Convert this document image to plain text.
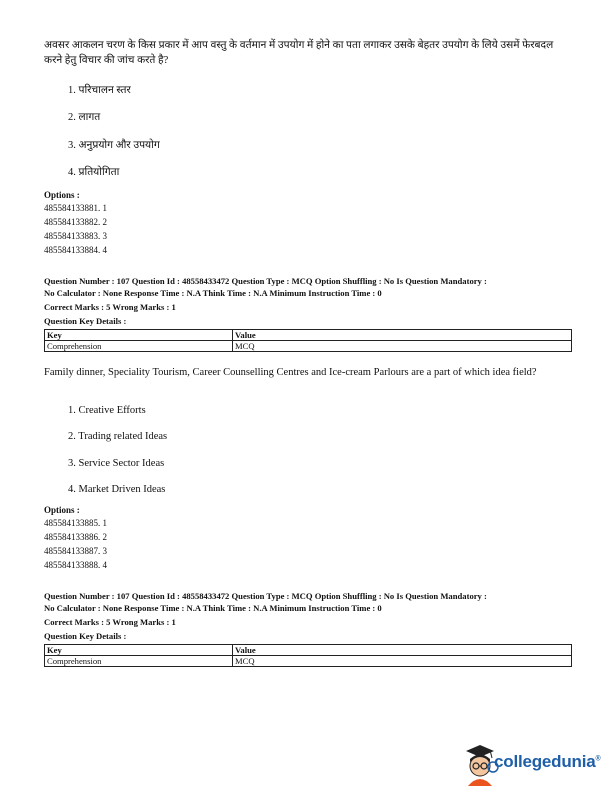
अवसर आकलन चरण के किस प्रकार में आप वस्तु के वर्तमान में उपयोग में होने का पता लगाकर उसके बेहतर उपयोग के लिये उसमें फेरबदल करने हेतु विचार की जांच करते है?
1. परिचालन स्तर
2. लागत
3. अनुप्रयोग और उपयोग
4. प्रतियोगिता
Options :
485584133881. 1
485584133882. 2
485584133883. 3
485584133884. 4
Question Number : 107 Question Id : 48558433472 Question Type : MCQ Option Shuffling : No Is Question Mandatory :
No Calculator : None Response Time : N.A Think Time : N.A Minimum Instruction Time : 0
Correct Marks : 5 Wrong Marks : 1
Question Key Details :
Key	Value
Comprehension	MCQ
Family dinner, Speciality Tourism, Career Counselling Centres and Ice-cream Parlours are a part of which idea field?
1. Creative Efforts
2. Trading related Ideas
3. Service Sector Ideas
4. Market Driven Ideas
Options :
485584133885. 1
485584133886. 2
485584133887. 3
485584133888. 4
Question Number : 107 Question Id : 48558433472 Question Type : MCQ Option Shuffling : No Is Question Mandatory :
No Calculator : None Response Time : N.A Think Time : N.A Minimum Instruction Time : 0
Correct Marks : 5 Wrong Marks : 1
Question Key Details :
Key	Value
Comprehension	MCQ
collegedunia®
